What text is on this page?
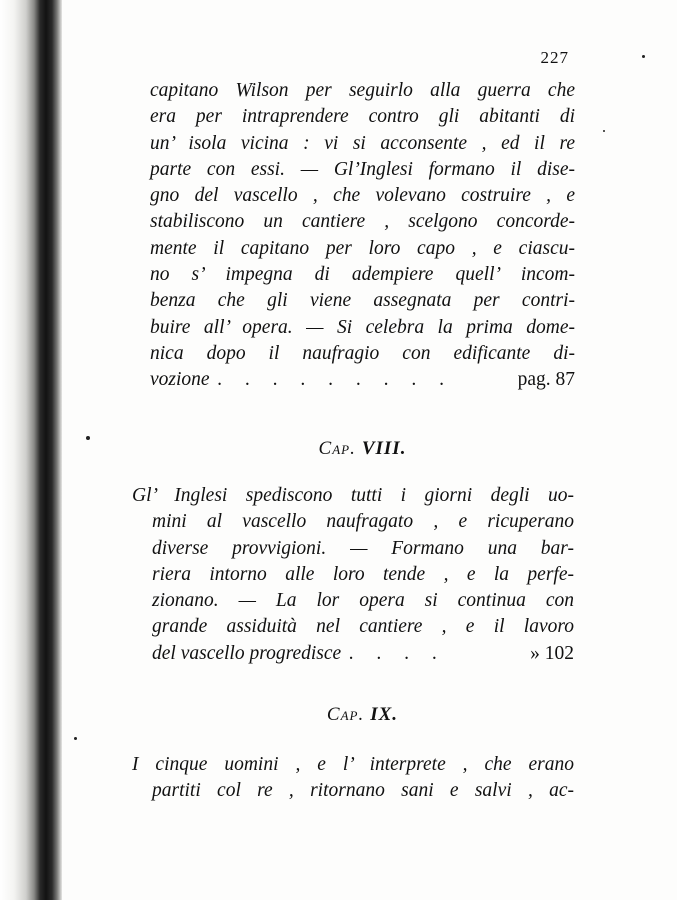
227
capitano Wilson per seguirlo alla guerra che
era per intraprendere contro gli abitanti di
un’ isola vicina : vi si acconsente , ed il re
parte con essi. — Gl’Inglesi formano il dise-
gno del vascello , che volevano costruire , e
stabiliscono un cantiere , scelgono concorde-
mente il capitano per loro capo , e ciascu-
no s’ impegna di adempiere quell’ incom-
benza che gli viene assegnata per contri-
buire all’ opera. — Si celebra la prima dome-
nica dopo il naufragio con edificante di-
vozione . . . . . . . . .	pag. 87
Cap. VIII.
Gl’ Inglesi spediscono tutti i giorni degli uo-
mini al vascello naufragato , e ricuperano
diverse provvigioni. — Formano una bar-
riera intorno alle loro tende , e la perfe-
zionano. — La lor opera si continua con
grande assiduità nel cantiere , e il lavoro
del vascello progredisce . . . .	» 102
Cap. IX.
I cinque uomini , e l’ interprete , che erano
partiti col re , ritornano sani e salvi , ac-
